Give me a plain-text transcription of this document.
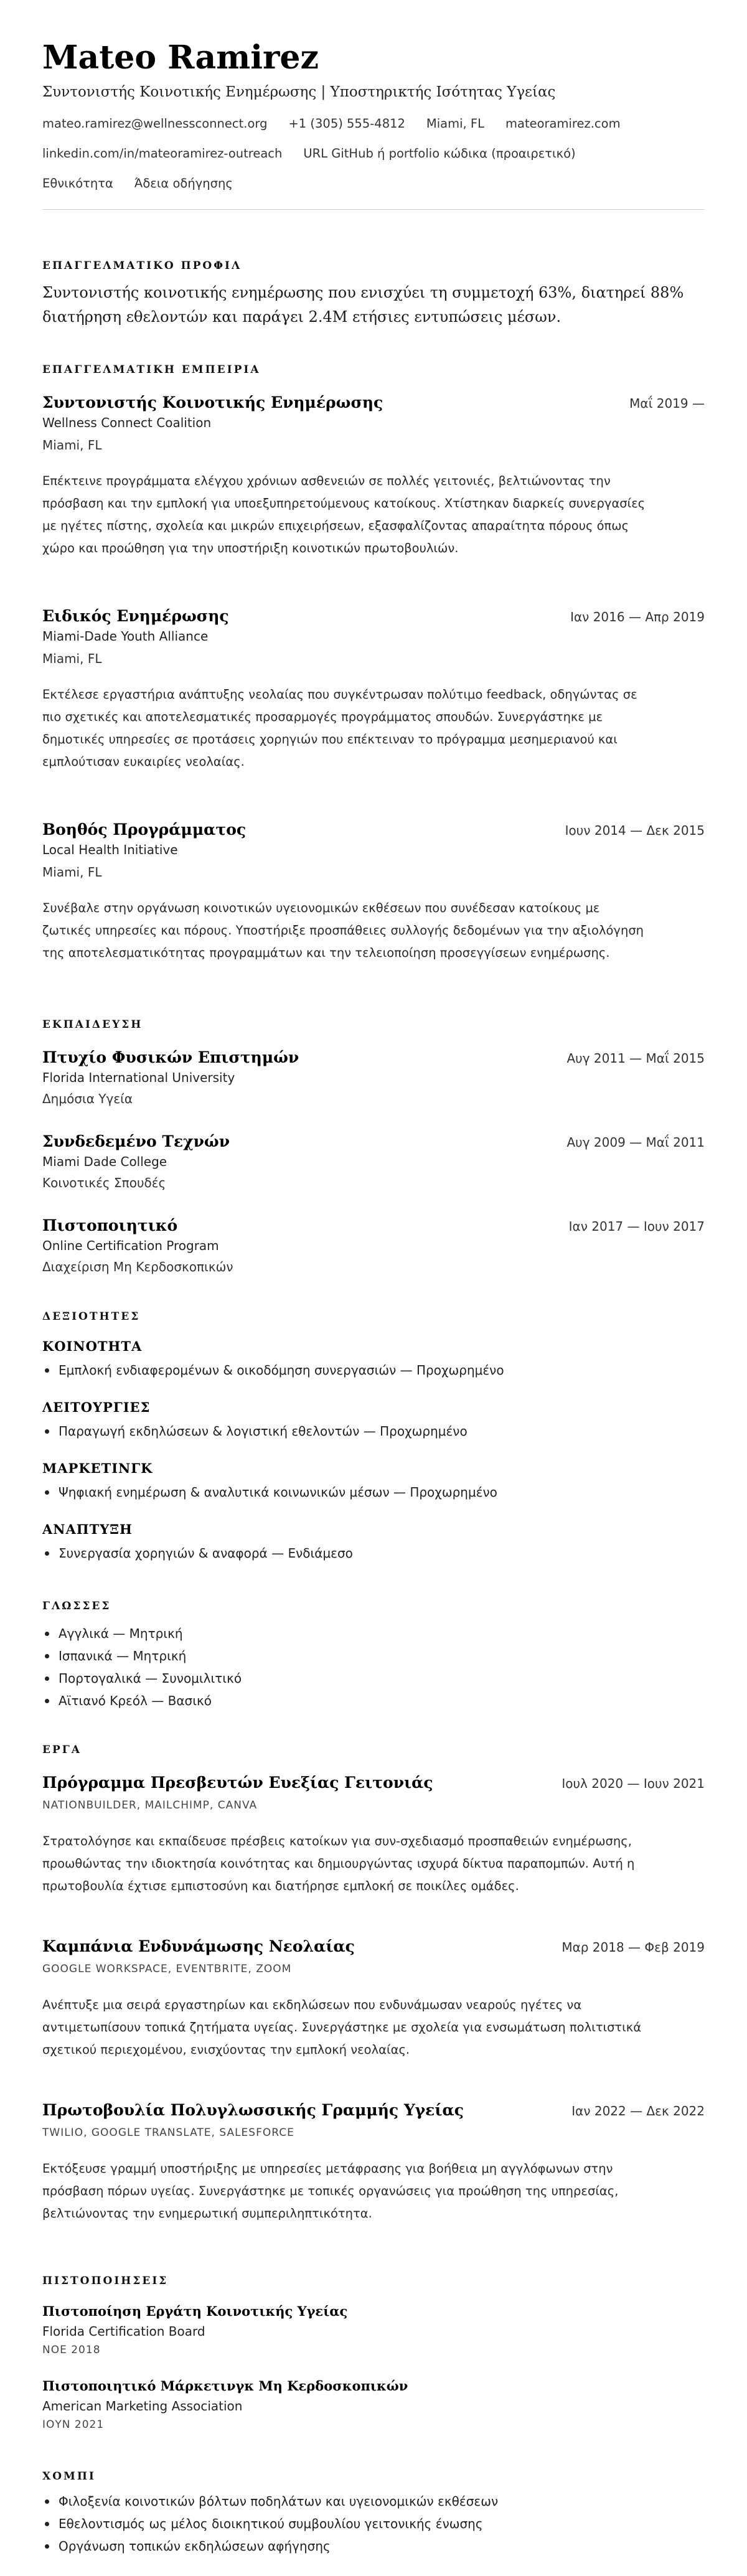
Mateo Ramirez
Συντονιστής Κοινοτικής Ενημέρωσης | Υποστηρικτής Ισότητας Υγείας
mateo.ramirez@wellnessconnect.org +1 (305) 555-4812 Miami, FL mateoramirez.com
linkedin.com/in/mateoramirez-outreach URL GitHub ή portfolio κώδικα (προαιρετικό)
Εθνικότητα Άδεια οδήγησης
ΕΠΑΓΓΕΛΜΑΤΙΚΟ ΠΡΟΦΙΛ
Συντονιστής κοινοτικής ενημέρωσης που ενισχύει τη συμμετοχή 63%, διατηρεί 88%
διατήρηση εθελοντών και παράγει 2.4M ετήσιες εντυπώσεις μέσων.
ΕΠΑΓΓΕΛΜΑΤΙΚΗ ΕΜΠΕΙΡΙΑ
Συντονιστής Κοινοτικής Ενημέρωσης	Μαΐ 2019 —
Wellness Connect Coalition
Miami, FL
Επέκτεινε προγράμματα ελέγχου χρόνιων ασθενειών σε πολλές γειτονιές, βελτιώνοντας την
πρόσβαση και την εμπλοκή για υποεξυπηρετούμενους κατοίκους. Χτίστηκαν διαρκείς συνεργασίες
με ηγέτες πίστης, σχολεία και μικρών επιχειρήσεων, εξασφαλίζοντας απαραίτητα πόρους όπως
χώρο και προώθηση για την υποστήριξη κοινοτικών πρωτοβουλιών.
Ειδικός Ενημέρωσης	Ιαν 2016 — Απρ 2019
Miami-Dade Youth Alliance
Miami, FL
Εκτέλεσε εργαστήρια ανάπτυξης νεολαίας που συγκέντρωσαν πολύτιμο feedback, οδηγώντας σε
πιο σχετικές και αποτελεσματικές προσαρμογές προγράμματος σπουδών. Συνεργάστηκε με
δημοτικές υπηρεσίες σε προτάσεις χορηγιών που επέκτειναν το πρόγραμμα μεσημεριανού και
εμπλούτισαν ευκαιρίες νεολαίας.
Βοηθός Προγράμματος	Ιουν 2014 — Δεκ 2015
Local Health Initiative
Miami, FL
Συνέβαλε στην οργάνωση κοινοτικών υγειονομικών εκθέσεων που συνέδεσαν κατοίκους με
ζωτικές υπηρεσίες και πόρους. Υποστήριξε προσπάθειες συλλογής δεδομένων για την αξιολόγηση
της αποτελεσματικότητας προγραμμάτων και την τελειοποίηση προσεγγίσεων ενημέρωσης.
ΕΚΠΑΙΔΕΥΣΗ
Πτυχίο Φυσικών Επιστημών	Αυγ 2011 — Μαΐ 2015
Florida International University
Δημόσια Υγεία
Συνδεδεμένο Τεχνών	Αυγ 2009 — Μαΐ 2011
Miami Dade College
Κοινοτικές Σπουδές
Πιστοποιητικό	Ιαν 2017 — Ιουν 2017
Online Certification Program
Διαχείριση Μη Κερδοσκοπικών
ΔΕΞΙΟΤΗΤΕΣ
ΚΟΙΝΟΤΗΤΑ
Εμπλοκή ενδιαφερομένων & οικοδόμηση συνεργασιών — Προχωρημένο
ΛΕΙΤΟΥΡΓΙΕΣ
Παραγωγή εκδηλώσεων & λογιστική εθελοντών — Προχωρημένο
ΜΑΡΚΕΤΙΝΓΚ
Ψηφιακή ενημέρωση & αναλυτικά κοινωνικών μέσων — Προχωρημένο
ΑΝΑΠΤΥΞΗ
Συνεργασία χορηγιών & αναφορά — Ενδιάμεσο
ΓΛΩΣΣΕΣ
Αγγλικά — Μητρική
Ισπανικά — Μητρική
Πορτογαλικά — Συνομιλιτικό
Αϊτιανό Κρεόλ — Βασικό
ΕΡΓΑ
Πρόγραμμα Πρεσβευτών Ευεξίας Γειτονιάς	Ιουλ 2020 — Ιουν 2021
NATIONBUILDER, MAILCHIMP, CANVA
Στρατολόγησε και εκπαίδευσε πρέσβεις κατοίκων για συν-σχεδιασμό προσπαθειών ενημέρωσης,
προωθώντας την ιδιοκτησία κοινότητας και δημιουργώντας ισχυρά δίκτυα παραπομπών. Αυτή η
πρωτοβουλία έχτισε εμπιστοσύνη και διατήρησε εμπλοκή σε ποικίλες ομάδες.
Καμπάνια Ενδυνάμωσης Νεολαίας	Μαρ 2018 — Φεβ 2019
GOOGLE WORKSPACE, EVENTBRITE, ZOOM
Ανέπτυξε μια σειρά εργαστηρίων και εκδηλώσεων που ενδυνάμωσαν νεαρούς ηγέτες να
αντιμετωπίσουν τοπικά ζητήματα υγείας. Συνεργάστηκε με σχολεία για ενσωμάτωση πολιτιστικά
σχετικού περιεχομένου, ενισχύοντας την εμπλοκή νεολαίας.
Πρωτοβουλία Πολυγλωσσικής Γραμμής Υγείας	Ιαν 2022 — Δεκ 2022
TWILIO, GOOGLE TRANSLATE, SALESFORCE
Εκτόξευσε γραμμή υποστήριξης με υπηρεσίες μετάφρασης για βοήθεια μη αγγλόφωνων στην
πρόσβαση πόρων υγείας. Συνεργάστηκε με τοπικές οργανώσεις για προώθηση της υπηρεσίας,
βελτιώνοντας την ενημερωτική συμπεριληπτικότητα.
ΠΙΣΤΟΠΟΙΗΣΕΙΣ
Πιστοποίηση Εργάτη Κοινοτικής Υγείας
Florida Certification Board
ΝΟΕ 2018
Πιστοποιητικό Μάρκετινγκ Μη Κερδοσκοπικών
American Marketing Association
ΙΟΥΝ 2021
ΧΟΜΠΙ
Φιλοξενία κοινοτικών βόλτων ποδηλάτων και υγειονομικών εκθέσεων
Εθελοντισμός ως μέλος διοικητικού συμβουλίου γειτονικής ένωσης
Οργάνωση τοπικών εκδηλώσεων αφήγησης
